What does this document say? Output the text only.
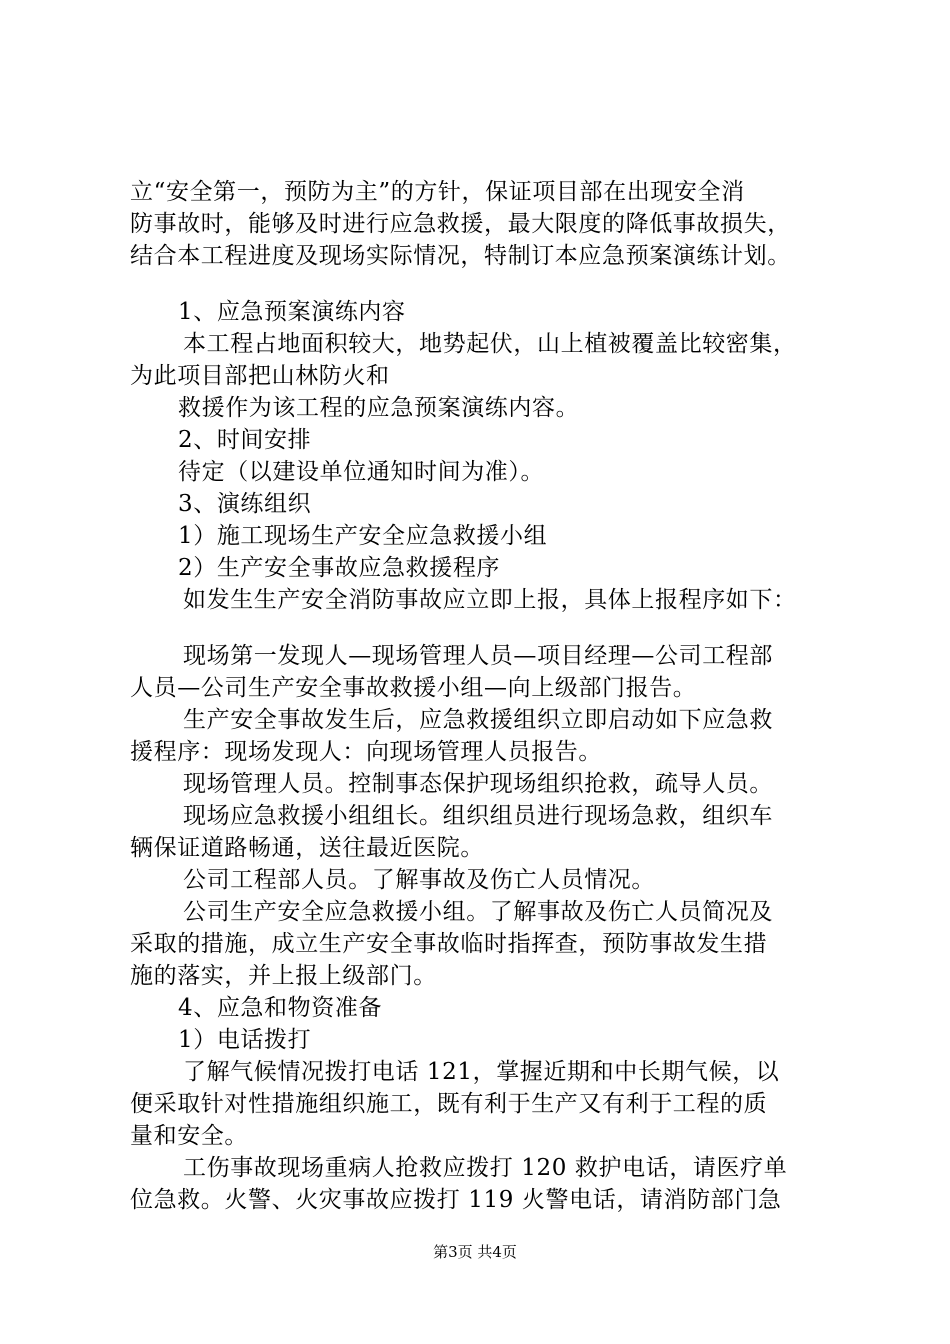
立“安全第一，预防为主”的方针，保证项目部在出现安全消
防事故时，能够及时进行应急救援，最大限度的降低事故损失，
结合本工程进度及现场实际情况，特制订本应急预案演练计划。
1、应急预案演练内容
本工程占地面积较大，地势起伏，山上植被覆盖比较密集，
为此项目部把山林防火和
救援作为该工程的应急预案演练内容。
2、时间安排
待定（以建设单位通知时间为准）。
3、演练组织
1）施工现场生产安全应急救援小组
2）生产安全事故应急救援程序
如发生生产安全消防事故应立即上报，具体上报程序如下：
现场第一发现人—现场管理人员—项目经理—公司工程部
人员—公司生产安全事故救援小组—向上级部门报告。
生产安全事故发生后，应急救援组织立即启动如下应急救
援程序：现场发现人：向现场管理人员报告。
现场管理人员。控制事态保护现场组织抢救，疏导人员。
现场应急救援小组组长。组织组员进行现场急救，组织车
辆保证道路畅通，送往最近医院。
公司工程部人员。了解事故及伤亡人员情况。
公司生产安全应急救援小组。了解事故及伤亡人员简况及
采取的措施，成立生产安全事故临时指挥查，预防事故发生措
施的落实，并上报上级部门。
4、应急和物资准备
1）电话拨打
了解气候情况拨打电话 121，掌握近期和中长期气候，以
便采取针对性措施组织施工，既有利于生产又有利于工程的质
量和安全。
工伤事故现场重病人抢救应拨打 120 救护电话，请医疗单
位急救。火警、火灾事故应拨打 119 火警电话，请消防部门急
第3页 共4页
